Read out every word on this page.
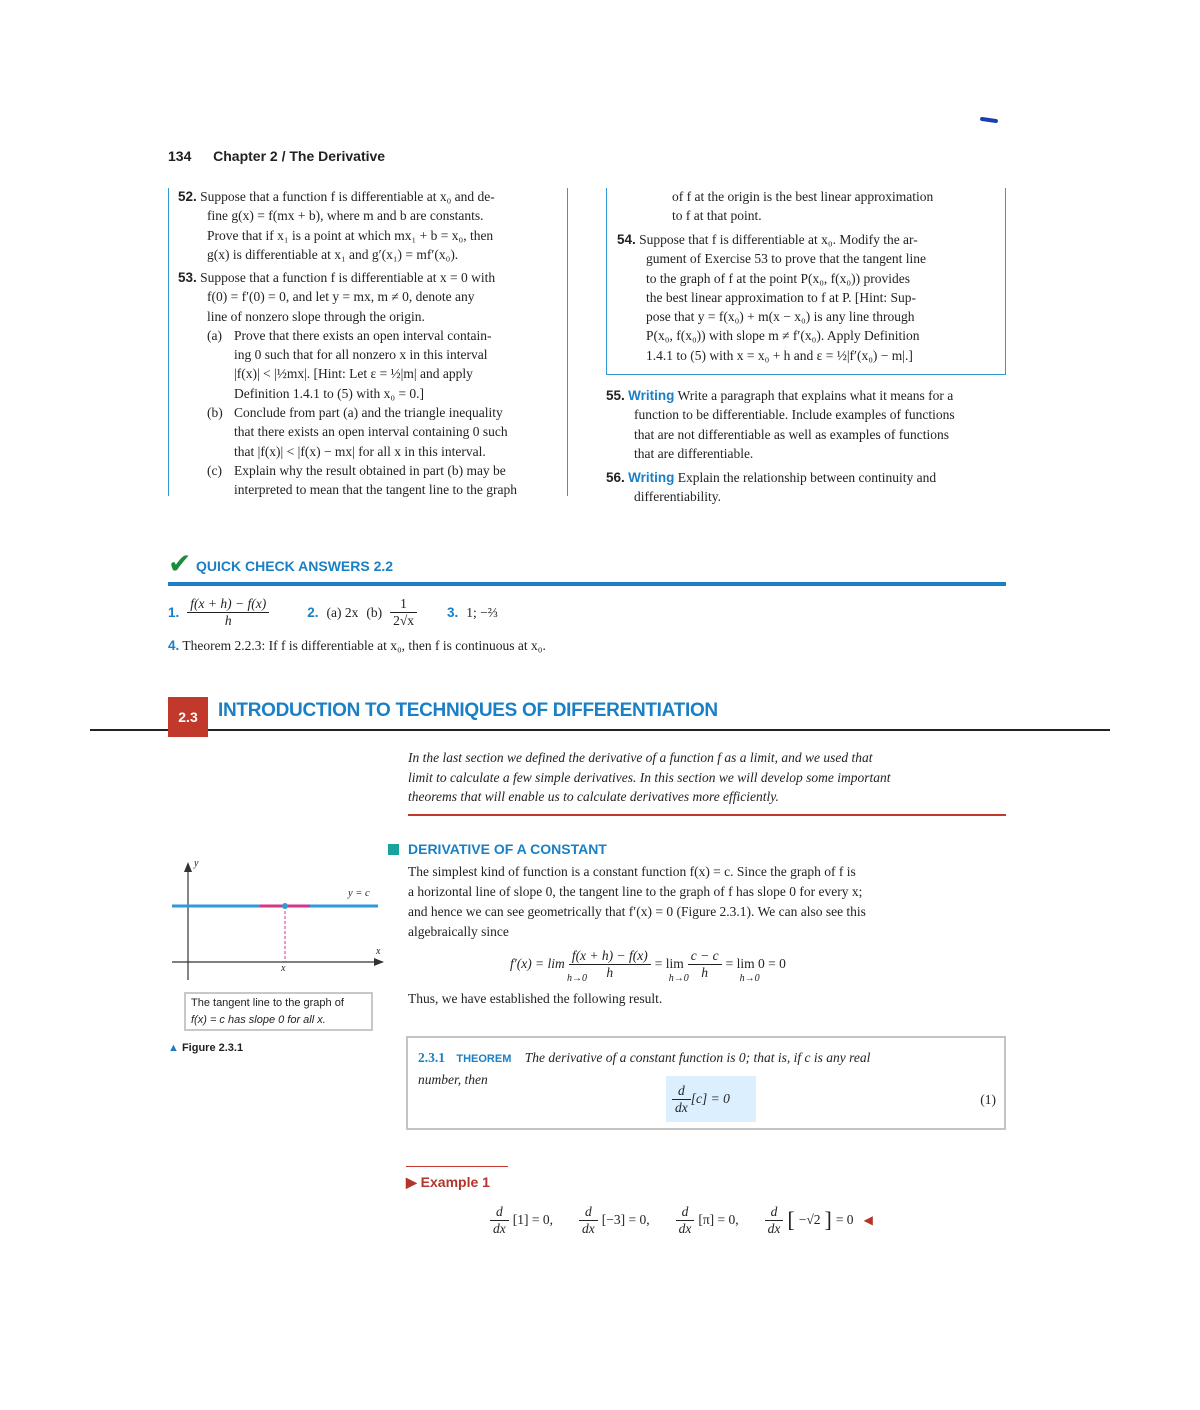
134 Chapter 2 / The Derivative
52. Suppose that a function f is differentiable at x₀ and de-
fine g(x) = f(mx + b), where m and b are constants.
Prove that if x₁ is a point at which mx₁ + b = x₀, then
g(x) is differentiable at x₁ and g′(x₁) = mf′(x₀).
53. Suppose that a function f is differentiable at x = 0 with
f(0) = f′(0) = 0, and let y = mx, m ≠ 0, denote any
line of nonzero slope through the origin.
(a) Prove that there exists an open interval contain-
ing 0 such that for all nonzero x in this interval
|f(x)| < |½mx|. [Hint: Let ε = ½|m| and apply
Definition 1.4.1 to (5) with x₀ = 0.]
(b) Conclude from part (a) and the triangle inequality
that there exists an open interval containing 0 such
that |f(x)| < |f(x) − mx| for all x in this interval.
(c) Explain why the result obtained in part (b) may be
interpreted to mean that the tangent line to the graph
of f at the origin is the best linear approximation
to f at that point.
54. Suppose that f is differentiable at x₀. Modify the ar-
gument of Exercise 53 to prove that the tangent line
to the graph of f at the point P(x₀, f(x₀)) provides
the best linear approximation to f at P. [Hint: Sup-
pose that y = f(x₀) + m(x − x₀) is any line through
P(x₀, f(x₀)) with slope m ≠ f′(x₀). Apply Definition
1.4.1 to (5) with x = x₀ + h and ε = ½|f′(x₀) − m|.]
55. Writing Write a paragraph that explains what it means for a
function to be differentiable. Include examples of functions
that are not differentiable as well as examples of functions
that are differentiable.
56. Writing Explain the relationship between continuity and
differentiability.
✔ QUICK CHECK ANSWERS 2.2
1. $\frac{f(x + h) - f(x)}{h}$	2. (a) 2x $(b) \frac{1}{2√x} 3$. 1; −⅔
4. Theorem 2.2.3: If f is differentiable at x₀, then f is continuous at x₀.
2.3	INTRODUCTION TO TECHNIQUES OF DIFFERENTIATION
In the last section we defined the derivative of a function f as a limit, and we used that
limit to calculate a few simple derivatives. In this section we will develop some important
theorems that will enable us to calculate derivatives more efficiently.
DERIVATIVE OF A CONSTANT
The simplest kind of function is a constant function f(x) = c. Since the graph of f is
a horizontal line of slope 0, the tangent line to the graph of f has slope 0 for every x;
and hence we can see geometrically that f′(x) = 0 (Figure 2.3.1). We can also see this
algebraically since
f′(x) = lim
h→0
$\frac{f(x + h) - f(x)}{h} = \lim$
$h\to 0 \frac{c - c}{h} = \lim 0 = 0$
h→0
Thus, we have established the following result.
y
x
y = c
x
The tangent line to the graph of
f(x) = c has slope 0 for all x.
▲ Figure 2.3.1
2.3.1 THEOREM The derivative of a constant function is 0; that is, if c is any real
number, then
$\frac{d}{dx} [c] = 0$	(1)
▶ Example 1
$\frac{d}{dx} [1] = 0$, $\frac{d}{dx} [-3] = 0$, $\frac{d}{dx} [\pi] = 0$, $\frac{d}{dx}$ [ −√2 ] = 0 ◀
